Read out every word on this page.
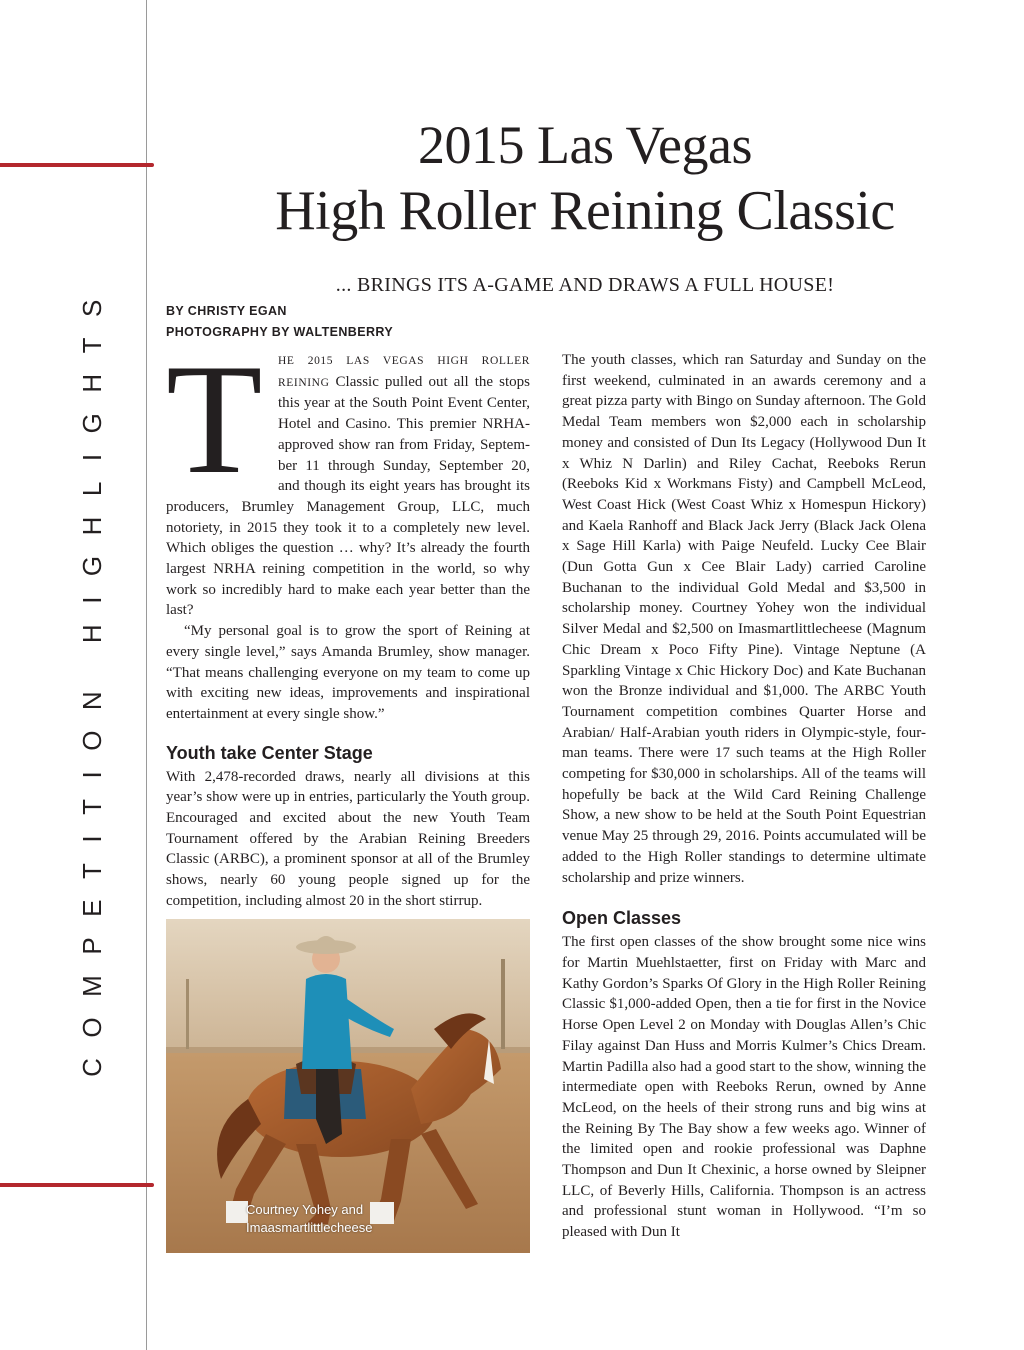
COMPETITION HIGHLIGHTS
2015 Las Vegas
High Roller Reining Classic
... BRINGS ITS A-GAME AND DRAWS A FULL HOUSE!
BY CHRISTY EGAN
PHOTOGRAPHY BY WALTENBERRY

T	HE 2015 LAS VEGAS HIGH ROLLER REINING Classic pulled out all the stops this year at the South Point Event Center, Hotel and Casino. This premier NRHA-approved show ran from Friday, September 11 through Sunday, September 20, and though its eight years has brought its producers, Brumley Management Group, LLC, much notoriety, in 2015 they took it to a completely new level. Which obliges the question … why? It’s already the fourth largest NRHA reining competition in the world, so why work so incredibly hard to make each year better than the last?

“My personal goal is to grow the sport of Reining at every single level,” says Amanda Brumley, show manager. “That means challenging everyone on my team to come up with exciting new ideas, improvements and inspirational entertainment at every single show.”

Youth take Center Stage

With 2,478-recorded draws, nearly all divisions at this year’s show were up in entries, particularly the Youth group. Encouraged and excited about the new Youth Team Tournament offered by the Arabian Reining Breeders Classic (ARBC), a prominent sponsor at all of the Brumley shows, nearly 60 young people signed up for the competition, including almost 20 in the short stirrup.

Courtney Yohey and
Imaasmartlittlecheese

The youth classes, which ran Saturday and Sunday on the first weekend, culminated in an awards ceremony and a great pizza party with Bingo on Sunday afternoon. The Gold Medal Team members won $2,000 each in scholarship money and consisted of Dun Its Legacy (Hollywood Dun It x Whiz N Darlin) and Riley Cachat, Reeboks Rerun (Reeboks Kid x Workmans Fisty) and Campbell McLeod, West Coast Hick (West Coast Whiz x Homespun Hickory) and Kaela Ranhoff and Black Jack Jerry (Black Jack Olena x Sage Hill Karla) with Paige Neufeld. Lucky Cee Blair (Dun Gotta Gun x Cee Blair Lady) carried Caroline Buchanan to the individual Gold Medal and $3,500 in scholarship money. Courtney Yohey won the individual Silver Medal and $2,500 on Imasmartlittlecheese (Magnum Chic Dream x Poco Fifty Pine). Vintage Neptune (A Sparkling Vintage x Chic Hickory Doc) and Kate Buchanan won the Bronze individual and $1,000. The ARBC Youth Tournament competition combines Quarter Horse and Arabian/ Half-Arabian youth riders in Olympic-style, four-man teams. There were 17 such teams at the High Roller competing for $30,000 in scholarships. All of the teams will hopefully be back at the Wild Card Reining Challenge Show, a new show to be held at the South Point Equestrian venue May 25 through 29, 2016. Points accumulated will be added to the High Roller standings to determine ultimate scholarship and prize winners.

Open Classes

The first open classes of the show brought some nice wins for Martin Muehlstaetter, first on Friday with Marc and Kathy Gordon’s Sparks Of Glory in the High Roller Reining Classic $1,000-added Open, then a tie for first in the Novice Horse Open Level 2 on Monday with Douglas Allen’s Chic Filay against Dan Huss and Morris Kulmer’s Chics Dream. Martin Padilla also had a good start to the show, winning the intermediate open with Reeboks Rerun, owned by Anne McLeod, on the heels of their strong runs and big wins at the Reining By The Bay show a few weeks ago. Winner of the limited open and rookie professional was Daphne Thompson and Dun It Chexinic, a horse owned by Sleipner LLC, of Beverly Hills, California. Thompson is an actress and professional stunt woman in Hollywood. “I’m so pleased with Dun It
